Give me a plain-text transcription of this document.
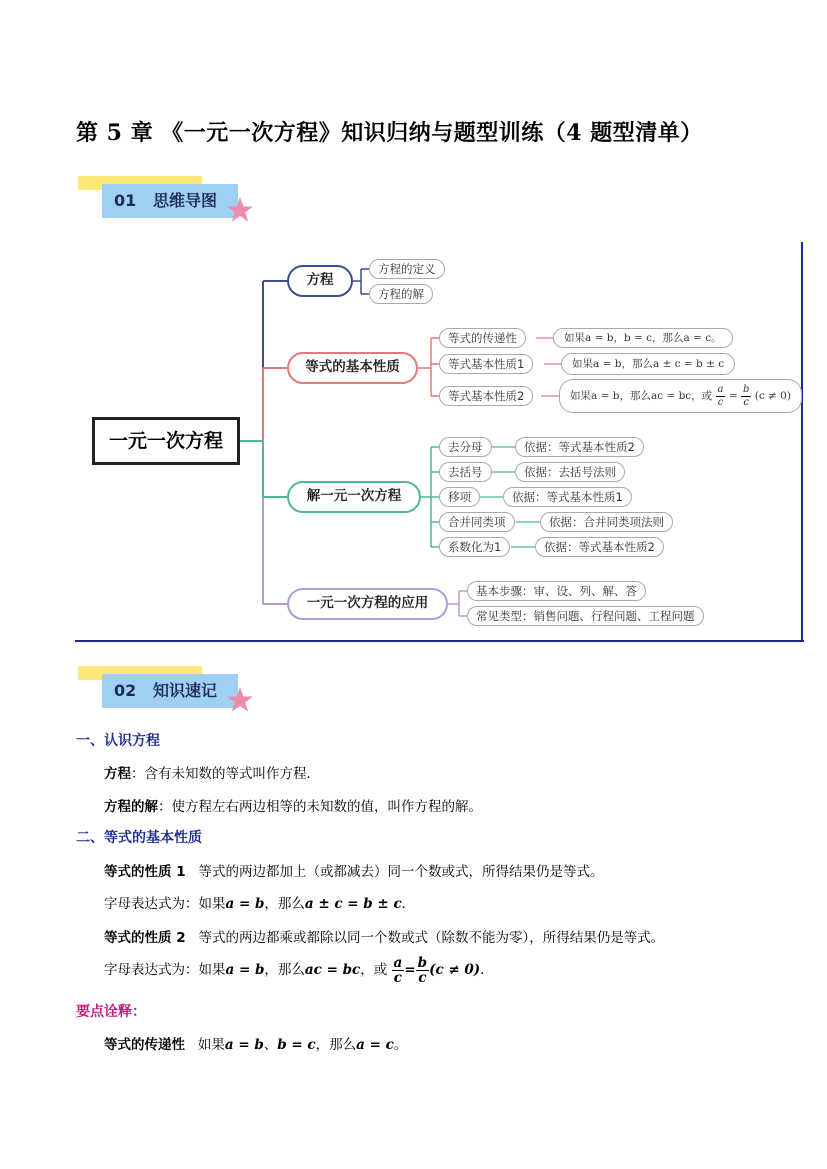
第 5 章 《一元一次方程》知识归纳与题型训练（4 题型清单）
01 思维导图
一元一次方程
方程
方程的定义
方程的解
等式的基本性质
等式的传递性
等式基本性质1
等式基本性质2
如果a = b，b = c，那么a = c。
如果a = b，那么a ± c = b ± c
如果a = b，那么ac = bc，或 $\frac{a}{c} = \frac{b}{c} (c \ne 0)$
解一元一次方程
去分母
去括号
移项
合并同类项
系数化为1
依据：等式基本性质2
依据：去括号法则
依据：等式基本性质1
依据：合并同类项法则
依据：等式基本性质2
一元一次方程的应用
基本步骤：审、设、列、解、答
常见类型：销售问题、行程问题、工程问题
02 知识速记
一、认识方程
方程：含有未知数的等式叫作方程．
方程的解：使方程左右两边相等的未知数的值，叫作方程的解。
二、等式的基本性质
等式的性质 1 等式的两边都加上（或都减去）同一个数或式，所得结果仍是等式。
字母表达式为：如果a = b，那么a ± c = b ± c．
等式的性质 2 等式的两边都乘或都除以同一个数或式（除数不能为零），所得结果仍是等式。
字母表达式为：如果a = b，那么ac = bc，或 $\frac{a}{c} = \frac{b}{c} (c \ne 0)$．
要点诠释：
等式的传递性 如果a = b、b = c，那么a = c。
